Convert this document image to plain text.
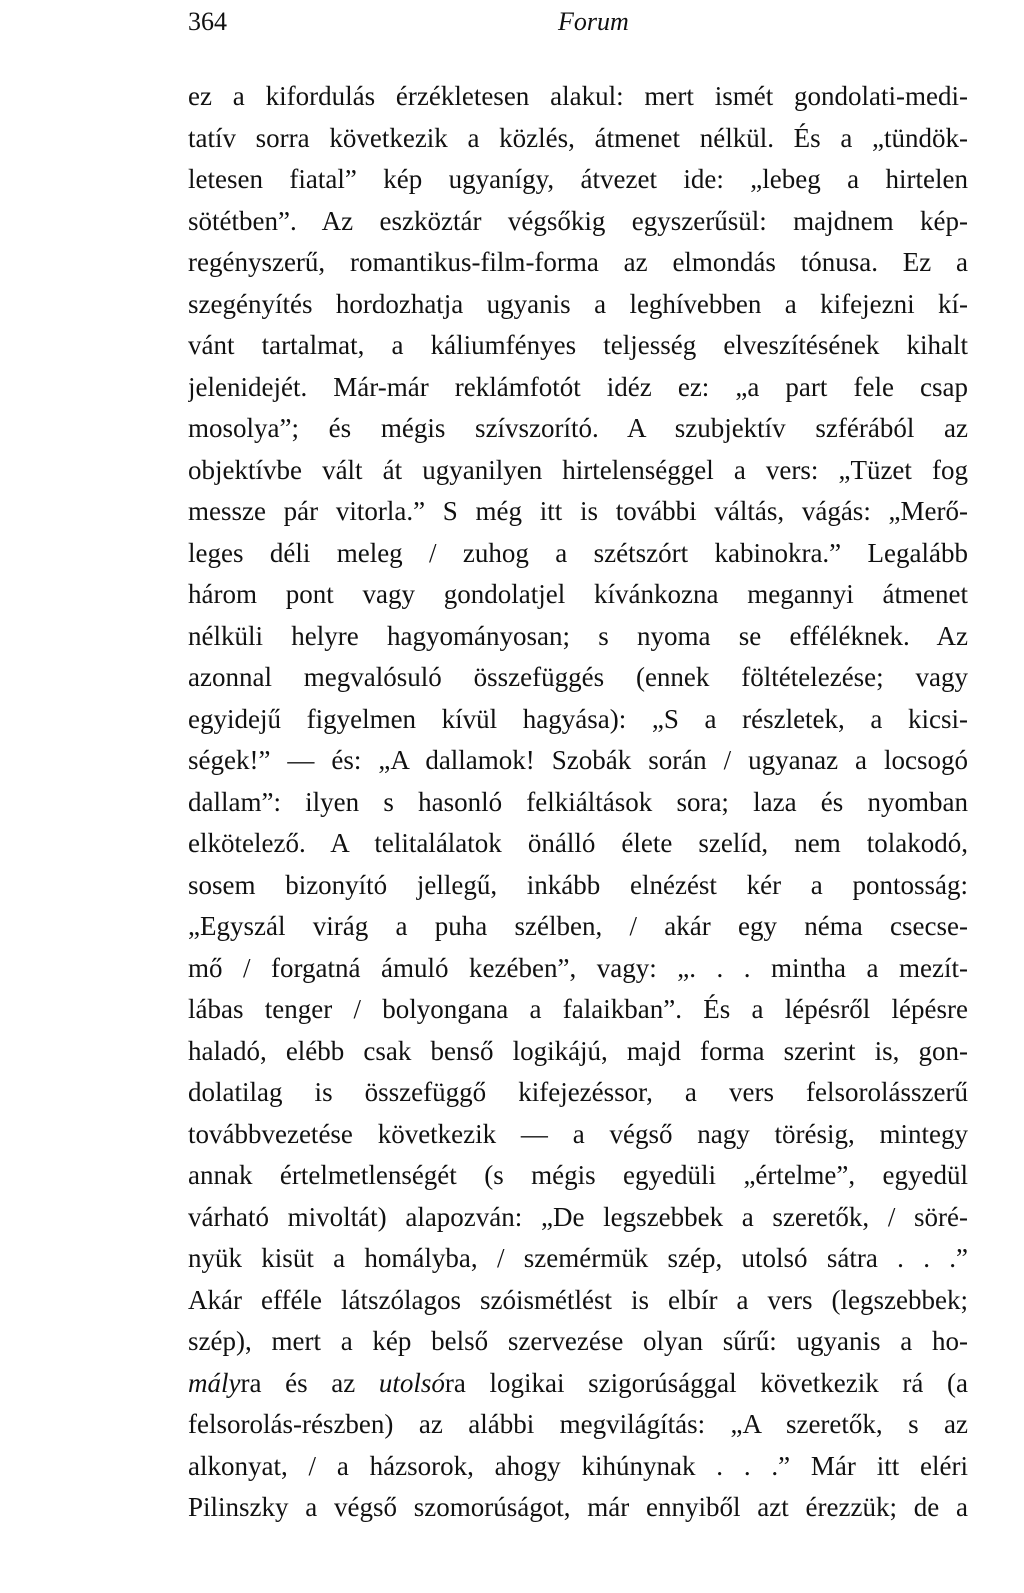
364	Forum
ez a kifordulás érzékletesen alakul: mert ismét gondolati-medi-
tatív sorra következik a közlés, átmenet nélkül. És a „tündök-
letesen fiatal” kép ugyanígy, átvezet ide: „lebeg a hirtelen
sötétben”. Az eszköztár végsőkig egyszerűsül: majdnem kép-
regényszerű, romantikus-film-forma az elmondás tónusa. Ez a
szegényítés hordozhatja ugyanis a leghívebben a kifejezni kí-
vánt tartalmat, a káliumfényes teljesség elveszítésének kihalt
jelenidejét. Már-már reklámfotót idéz ez: „a part fele csap
mosolya”; és mégis szívszorító. A szubjektív szférából az
objektívbe vált át ugyanilyen hirtelenséggel a vers: „Tüzet fog
messze pár vitorla.” S még itt is további váltás, vágás: „Merő-
leges déli meleg / zuhog a szétszórt kabinokra.” Legalább
három pont vagy gondolatjel kívánkozna megannyi átmenet
nélküli helyre hagyományosan; s nyoma se efféléknek. Az
azonnal megvalósuló összefüggés (ennek föltételezése; vagy
egyidejű figyelmen kívül hagyása): „S a részletek, a kicsi-
ségek!” — és: „A dallamok! Szobák során / ugyanaz a locsogó
dallam”: ilyen s hasonló felkiáltások sora; laza és nyomban
elkötelező. A telitalálatok önálló élete szelíd, nem tolakodó,
sosem bizonyító jellegű, inkább elnézést kér a pontosság:
„Egyszál virág a puha szélben, / akár egy néma csecse-
mő / forgatná ámuló kezében”, vagy: „. . . mintha a mezít-
lábas tenger / bolyongana a falaikban”. És a lépésről lépésre
haladó, elébb csak benső logikájú, majd forma szerint is, gon-
dolatilag is összefüggő kifejezéssor, a vers felsorolásszerű
továbbvezetése következik — a végső nagy törésig, mintegy
annak értelmetlenségét (s mégis egyedüli „értelme”, egyedül
várható mivoltát) alapozván: „De legszebbek a szeretők, / söré-
nyük kisüt a homályba, / szemérmük szép, utolsó sátra . . .”
Akár efféle látszólagos szóismétlést is elbír a vers (legszebbek;
szép), mert a kép belső szervezése olyan sűrű: ugyanis a ho-
mályra és az utolsóra logikai szigorúsággal következik rá (a
felsorolás-részben) az alábbi megvilágítás: „A szeretők, s az
alkonyat, / a házsorok, ahogy kihúnynak . . .” Már itt eléri
Pilinszky a végső szomorúságot, már ennyiből azt érezzük; de a
